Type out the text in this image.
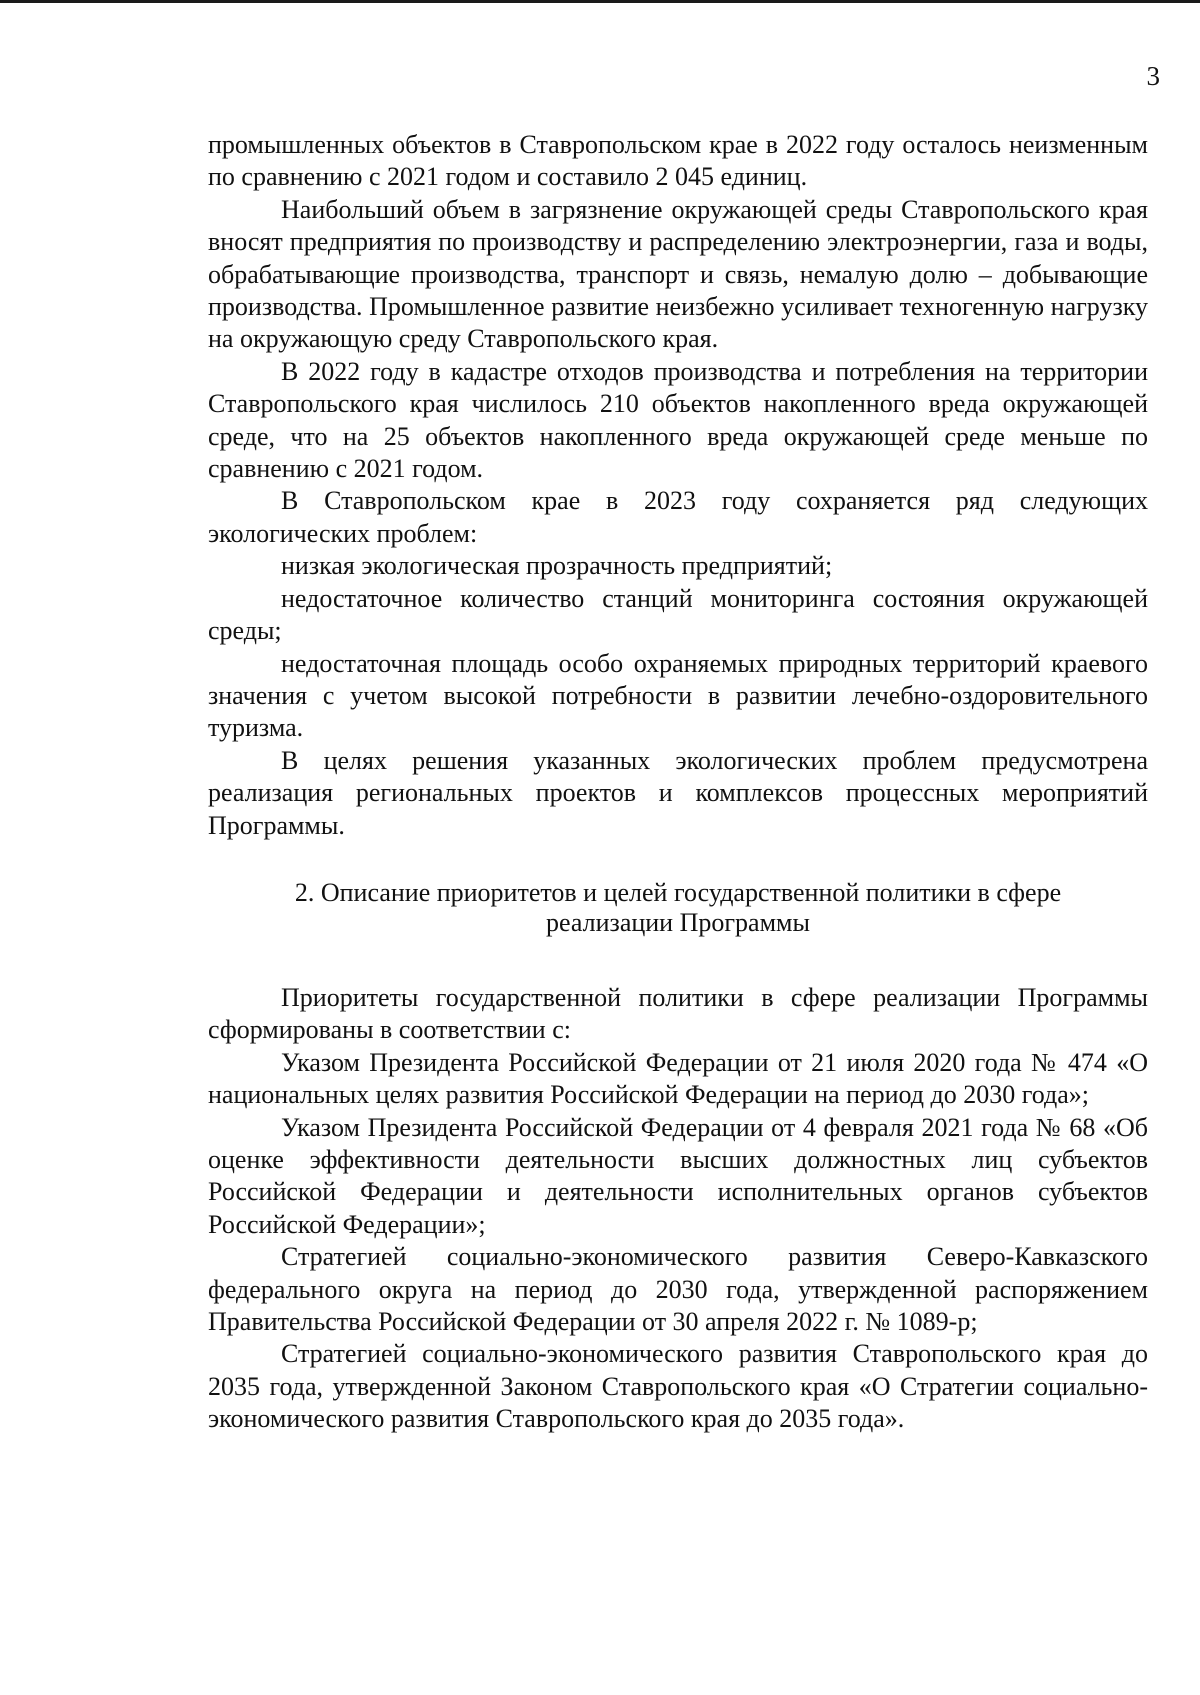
3

промышленных объектов в Ставропольском крае в 2022 году осталось неизменным по сравнению с 2021 годом и составило 2 045 единиц.

Наибольший объем в загрязнение окружающей среды Ставропольского края вносят предприятия по производству и распределению электроэнергии, газа и воды, обрабатывающие производства, транспорт и связь, немалую долю – добывающие производства. Промышленное развитие неизбежно усиливает техногенную нагрузку на окружающую среду Ставропольского края.

В 2022 году в кадастре отходов производства и потребления на территории Ставропольского края числилось 210 объектов накопленного вреда окружающей среде, что на 25 объектов накопленного вреда окружающей среде меньше по сравнению с 2021 годом.

В Ставропольском крае в 2023 году сохраняется ряд следующих экологических проблем:

низкая экологическая прозрачность предприятий;

недостаточное количество станций мониторинга состояния окружающей среды;

недостаточная площадь особо охраняемых природных территорий краевого значения с учетом высокой потребности в развитии лечебно-оздоровительного туризма.

В целях решения указанных экологических проблем предусмотрена реализация региональных проектов и комплексов процессных мероприятий Программы.

2. Описание приоритетов и целей государственной политики в сфере
реализации Программы

Приоритеты государственной политики в сфере реализации Программы сформированы в соответствии с:

Указом Президента Российской Федерации от 21 июля 2020 года № 474 «О национальных целях развития Российской Федерации на период до 2030 года»;

Указом Президента Российской Федерации от 4 февраля 2021 года № 68 «Об оценке эффективности деятельности высших должностных лиц субъектов Российской Федерации и деятельности исполнительных органов субъектов Российской Федерации»;

Стратегией социально-экономического развития Северо-Кавказского федерального округа на период до 2030 года, утвержденной распоряжением Правительства Российской Федерации от 30 апреля 2022 г. № 1089-р;

Стратегией социально-экономического развития Ставропольского края до 2035 года, утвержденной Законом Ставропольского края «О Стратегии социально-экономического развития Ставропольского края до 2035 года».
